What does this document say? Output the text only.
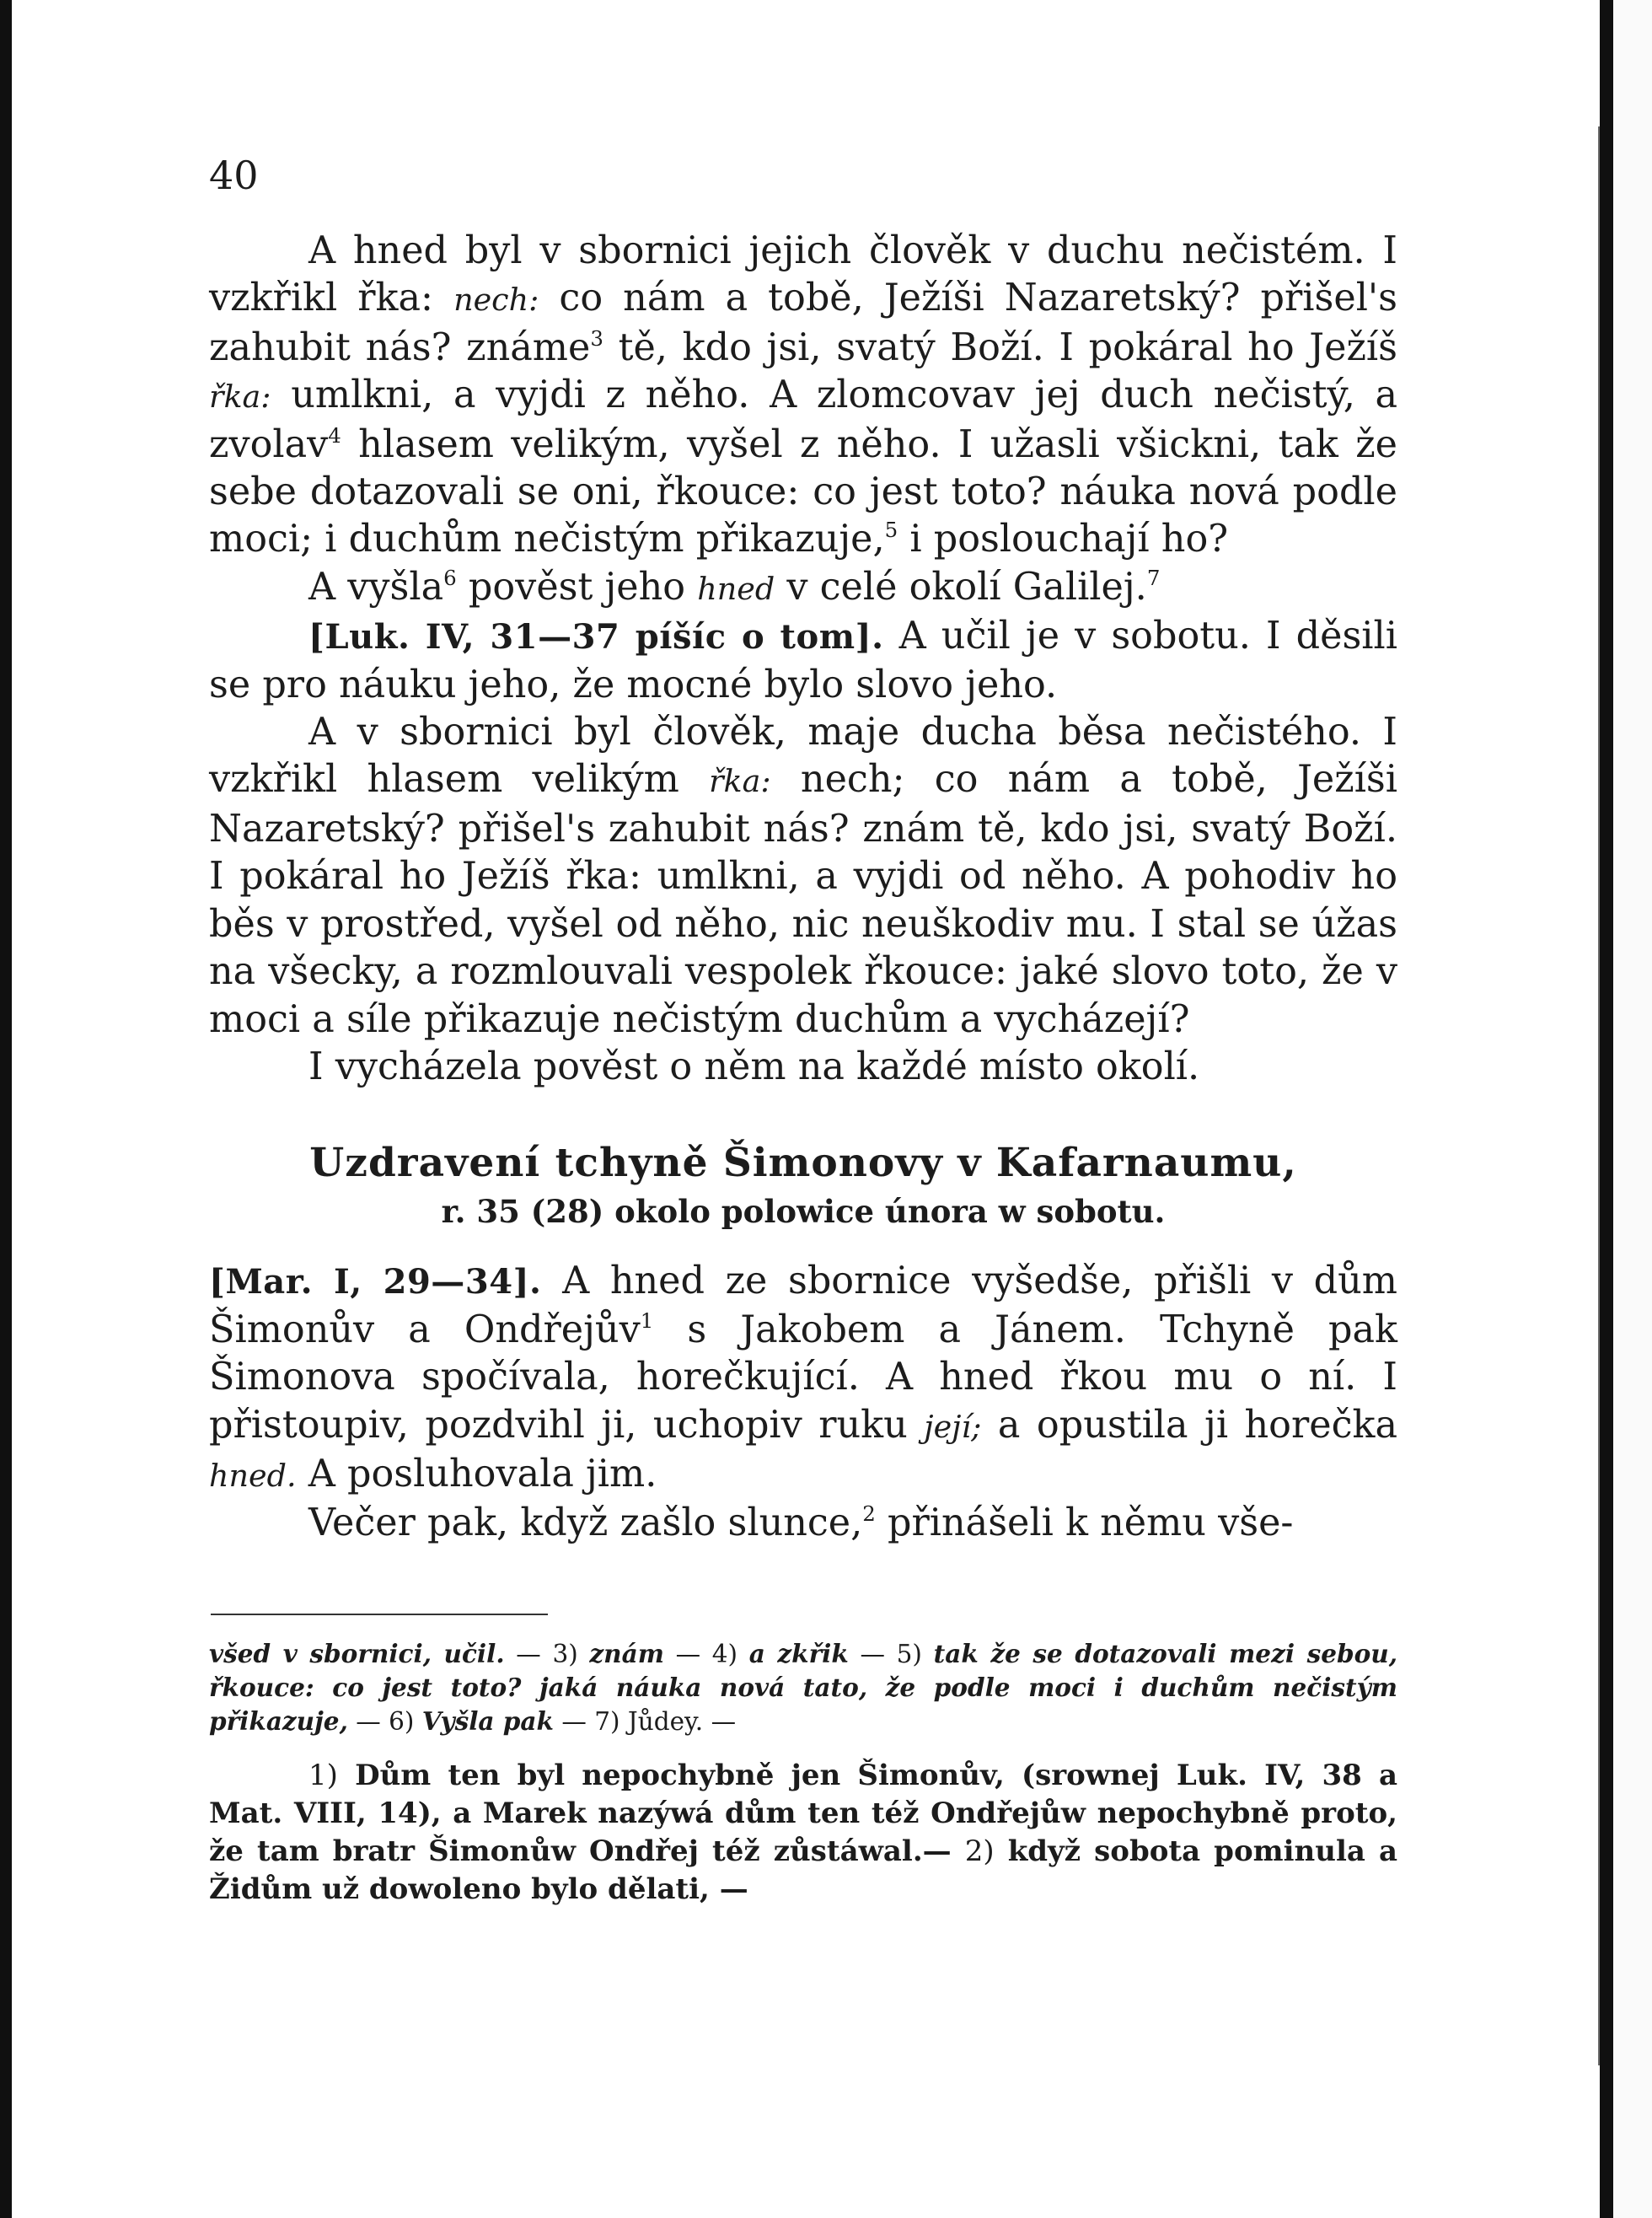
40

A hned byl v sbornici jejich člověk v duchu nečistém. I vzkřikl řka: nech: co nám a tobě, Ježíši Nazaretský? přišel's zahubit nás? známe$^3$ tě, kdo jsi, svatý Boží. I pokáral ho Ježíš řka: umlkni, a vyjdi z něho. A zlomcovav jej duch nečistý, a zvolav$^4$ hlasem velikým, vyšel z něho. I užasli všickni, tak že sebe dotazovali se oni, řkouce: co jest toto? náuka nová podle moci; i duchům nečistým přikazuje,$^5$ i poslouchají ho?

A vyšla$^6$ pověst jeho hned v celé okolí Galilej.$^7$

[Luk. IV, 31—37 píšíc o tom]. A učil je v sobotu. I děsili se pro náuku jeho, že mocné bylo slovo jeho.

A v sbornici byl člověk, maje ducha běsa nečistého. I vzkřikl hlasem velikým řka: nech; co nám a tobě, Ježíši Nazaretský? přišel's zahubit nás? znám tě, kdo jsi, svatý Boží. I pokáral ho Ježíš řka: umlkni, a vyjdi od něho. A pohodiv ho běs v prostřed, vyšel od něho, nic neuškodiv mu. I stal se úžas na všecky, a rozmlouvali vespolek řkouce: jaké slovo toto, že v moci a síle přikazuje nečistým duchům a vycházejí?

I vycházela pověst o něm na každé místo okolí.

Uzdravení tchyně Šimonovy v Kafarnaumu,
r. 35 (28) okolo polowice února w sobotu.

[Mar. I, 29—34]. A hned ze sbornice vyšedše, přišli v dům Šimonův a Ondřejův$^1$ s Jakobem a Jánem. Tchyně pak Šimonova spočívala, horečkující. A hned řkou mu o ní. I přistoupiv, pozdvihl ji, uchopiv ruku její; a opustila ji horečka hned. A posluhovala jim.

Večer pak, když zašlo slunce,$^2$ přinášeli k němu vše-

všed v sbornici, učil. — 3) znám — 4) a zkřik — 5) tak že se dotazovali mezi sebou, řkouce: co jest toto? jaká náuka nová tato, že podle moci i duchům nečistým přikazuje, — 6) Vyšla pak — 7) Jůdey. —

1) Dům ten byl nepochybně jen Šimonův, (srownej Luk. IV, 38 a Mat. VIII, 14), a Marek nazýwá dům ten též Ondřejůw nepochybně proto, že tam bratr Šimonůw Ondřej též zůstáwal.— 2) když sobota pominula a Židům už dowoleno bylo dělati, —
